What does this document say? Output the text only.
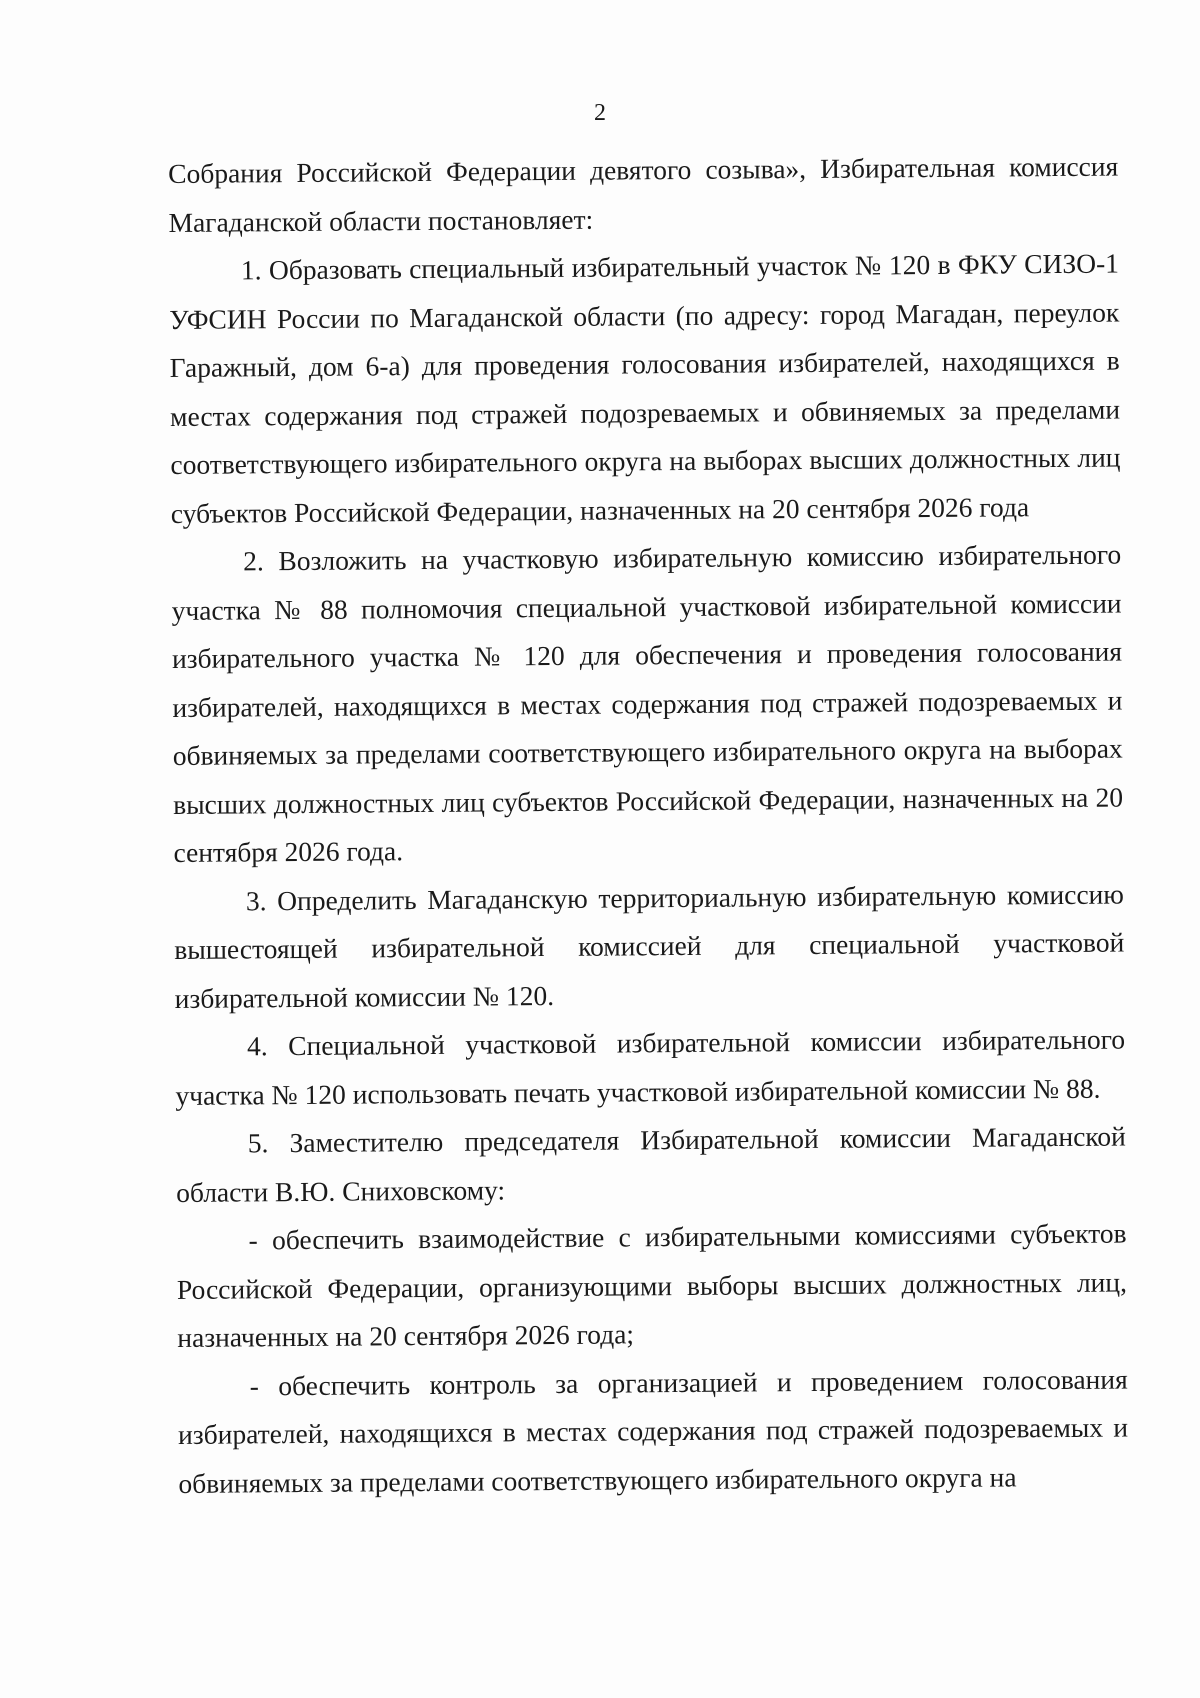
2

Собрания Российской Федерации девятого созыва», Избирательная комиссия Магаданской области постановляет:

1. Образовать специальный избирательный участок № 120 в ФКУ СИЗО-1 УФСИН России по Магаданской области (по адресу: город Магадан, переулок Гаражный, дом 6-а) для проведения голосования избирателей, находящихся в местах содержания под стражей подозреваемых и обвиняемых за пределами соответствующего избирательного округа на выборах высших должностных лиц субъектов Российской Федерации, назначенных на 20 сентября 2026 года

2. Возложить на участковую избирательную комиссию избирательного участка № 88 полномочия специальной участковой избирательной комиссии избирательного участка № 120 для обеспечения и проведения голосования избирателей, находящихся в местах содержания под стражей подозреваемых и обвиняемых за пределами соответствующего избирательного округа на выборах высших должностных лиц субъектов Российской Федерации, назначенных на 20 сентября 2026 года.

3. Определить Магаданскую территориальную избирательную комиссию вышестоящей избирательной комиссией для специальной участковой избирательной комиссии № 120.

4. Специальной участковой избирательной комиссии избирательного участка № 120 использовать печать участковой избирательной комиссии № 88.

5. Заместителю председателя Избирательной комиссии Магаданской области В.Ю. Сниховскому:

- обеспечить взаимодействие с избирательными комиссиями субъектов Российской Федерации, организующими выборы высших должностных лиц, назначенных на 20 сентября 2026 года;

- обеспечить контроль за организацией и проведением голосования избирателей, находящихся в местах содержания под стражей подозреваемых и обвиняемых за пределами соответствующего избирательного округа на
